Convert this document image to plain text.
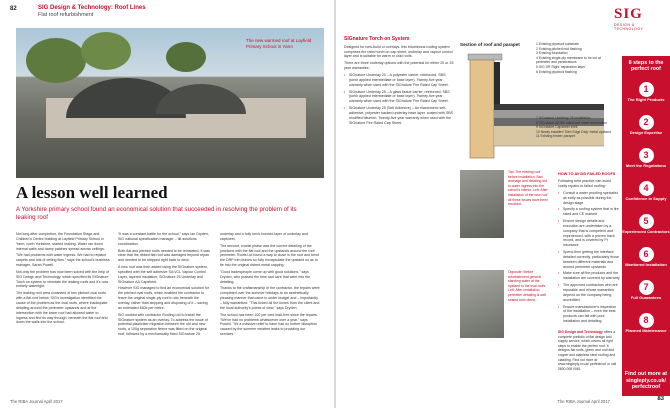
82	SIG Design & Technology: Roof Lines
Flat roof refurbishment
The new warmed roof at Layfield Primary School in Yarm
A lesson well learned
A Yorkshire primary school found an economical solution that succeeded in resolving the problem of its leaking roof

Not long after completion, the Foundation Stage and Children's Centre building at Layfield Primary School in Yarm, north Yorkshire, started leaking. Water ran down internal walls and damp patches spread across ceilings.

"We had problems with water ingress. We had to replace carpets and lots of ceiling tiles," says the school's business manager, Sarah Powell.

Not only the problem has now been solved with the help of SIG Design and Technology, which specified its SIGnature Torch on system to reinstate the leaking roofs and it's now entirely watertight.

The leaking roof area consisted of two pitched oval roofs with a flat roof below. SIG's investigation identified the cause of the problem as the oval roofs, where inadequate detailing around the perimeter upstands and at the intersection with the lower roof had allowed water to ingress and find its way through, beneath the flat roof and down the walls into the school.

"It was a constant battle for the school," says Ian Dryden, SIG national specification manager – tilt solutions coordination.

Both flat and pitched roofs needed to be reinstated. It was clear that the ribbed flat roof was damaged beyond repair and needed to be stripped right back to deck.

A new roof was then added using the SIGnature system, specified with the self adhesive SA VCL Vapour Control Layer, tapered insulation, SIGnature 25 Underlay and SIGnature AA Capsheet.

However SIG managed to find an economical solution for the pitched oval roofs, which enabled the contractor to leave the original single-ply roof in situ beneath the overlay, rather than stripping and disposing of it – saving an estimated £60k per metre.

SIG worked with contractor Roofing Ltd to install the SIGnature system as an overlay. To address the issue of potential plasticiser migration between the old and new roofs, a 100g separation fleece was fitted on the original roof, followed by a mechanically fixed SIGnature 25

underlay and a fully torch-bonded layer of underlay and capsheet.

The second, crucial phase was the correct detailing of the junctions with the flat roof and the upstands around the roof perimeter. Roofs Ltd found a way to close in the roof and bend the DRP trim leaves so fully encapsulate the upstand so as to tie into the original ribbed metal capping.

"Good tradespeople come up with good solutions," says Dryden, who praised the time and care that went into the detailing.

Thanks to the craftsmanship of the contractor, the repairs were completed over the summer holidays to an aesthetically pleasing manner that came in under budget and – importantly – fully warrantied. "This ticked all the boxes from the client and the local authority's points of view," says Dryden.

The school has been 100 per cent leak-free since the repairs. "We've had no problems whatsoever over a year," says Powell. "It's a massive relief to have had no further disruption caused by the summer weather leaks to providing our services."

The RIBA Journal April 2017	83
SIG
DESIGN & TECHNOLOGY
SIGnature Torch on System

Designed for new-build or overlays, this bituminous roofing system comprises fire rated torch on cap sheet, underlay and vapour control layer and is suitable for warm or cold roofs.

There are three underlay options with the potential for either 20 or 25 year warranties:

• SIGnature Underlay 20 – A polyester carrier, reinforced, SBS (torch applied intermediate or base layer). Twenty-five year warranty when used with the SIGnature Fire Rated Cap Sheet.
• SIGnature Underlay 25 – A glass tissue carrier, reinforced, SBS (torch applied intermediate or base layer). Twenty-five year warranty when used with the SIGnature Fire Rated Cap Sheet.
• SIGnature Underlay 25 (Self Adhesive) – An elastomeric self-adhesive, polyester backed underlay base layer, coated with SBS modified bitumen. Twenty-five year warranty when used with the SIGnature Fire Rated Cap Sheet.
Section of roof and parapet	1 Existing plywood substrate
2 Existing pitched mid flashing
3 Existing foundation
4 Existing single-ply membrane to be cut at perimeter and penetrations
5 SIG DR Right 'separation layer'
6 Existing plywood flashing
7 SIGnature Underlay 25 installation
8 SIGnature AA fire rated cap sheet termination
9 SIGnature Capsheet Welt
10 Newly installed 'Slim Edge Daly' metal upstand
11 Existing timber parapet
Top: The existing roof before installation. Bad drainage and detailing led to water ingress into the school's interior. Left: After installation of the new roof all these issues have been resolved.
Opposite: Before refurbishment general standing water at the upstand to the oval roofs. Left: After installation perimeter detailing is well sealed and robust.
HOW TO AVOID FAILED ROOFS

Following best practice can avoid costly repairs to failed roofing:

• Consult a water proofing specialist as early as possible during the design stage
• Specify a roofing system that is fire rated and CE marked
• Ensure design details and execution are undertaken by a company that is competent and experienced, with a proven track record, and is covered by PI insurance
• Spend time getting the interface detailed correctly, particularly those between different materials and around perimeter upstands
• Make sure all the products and the installation are covered by warranty
• The approved contractors who are reputable and whose warranties depend on the company being accredited
• Ensure manufacturer's inspection of the installation – even the best products can fail with poor installation and detailing.
SIG Design and Technology offers a complete portfolio of flat design and supply service, which covers all right steps to enable the perfect roof. It designs flat roofs, green and roof and copper and stainless steel roofing and cladding. Find out more at www.singleply.co.uk/ perfectroof or call 0800 008 0061
8 steps to the perfect roof
1
The Right Products
2
Design Expertise
3
Meet the Regulations
4
Confidence in Supply
5
Experienced Contractors
6
Monitored Installation
7
Full Guarantees
8
Planned Maintenance
Find out more at singleply.co.uk/ perfectroof
The RIBA Journal April 2017
